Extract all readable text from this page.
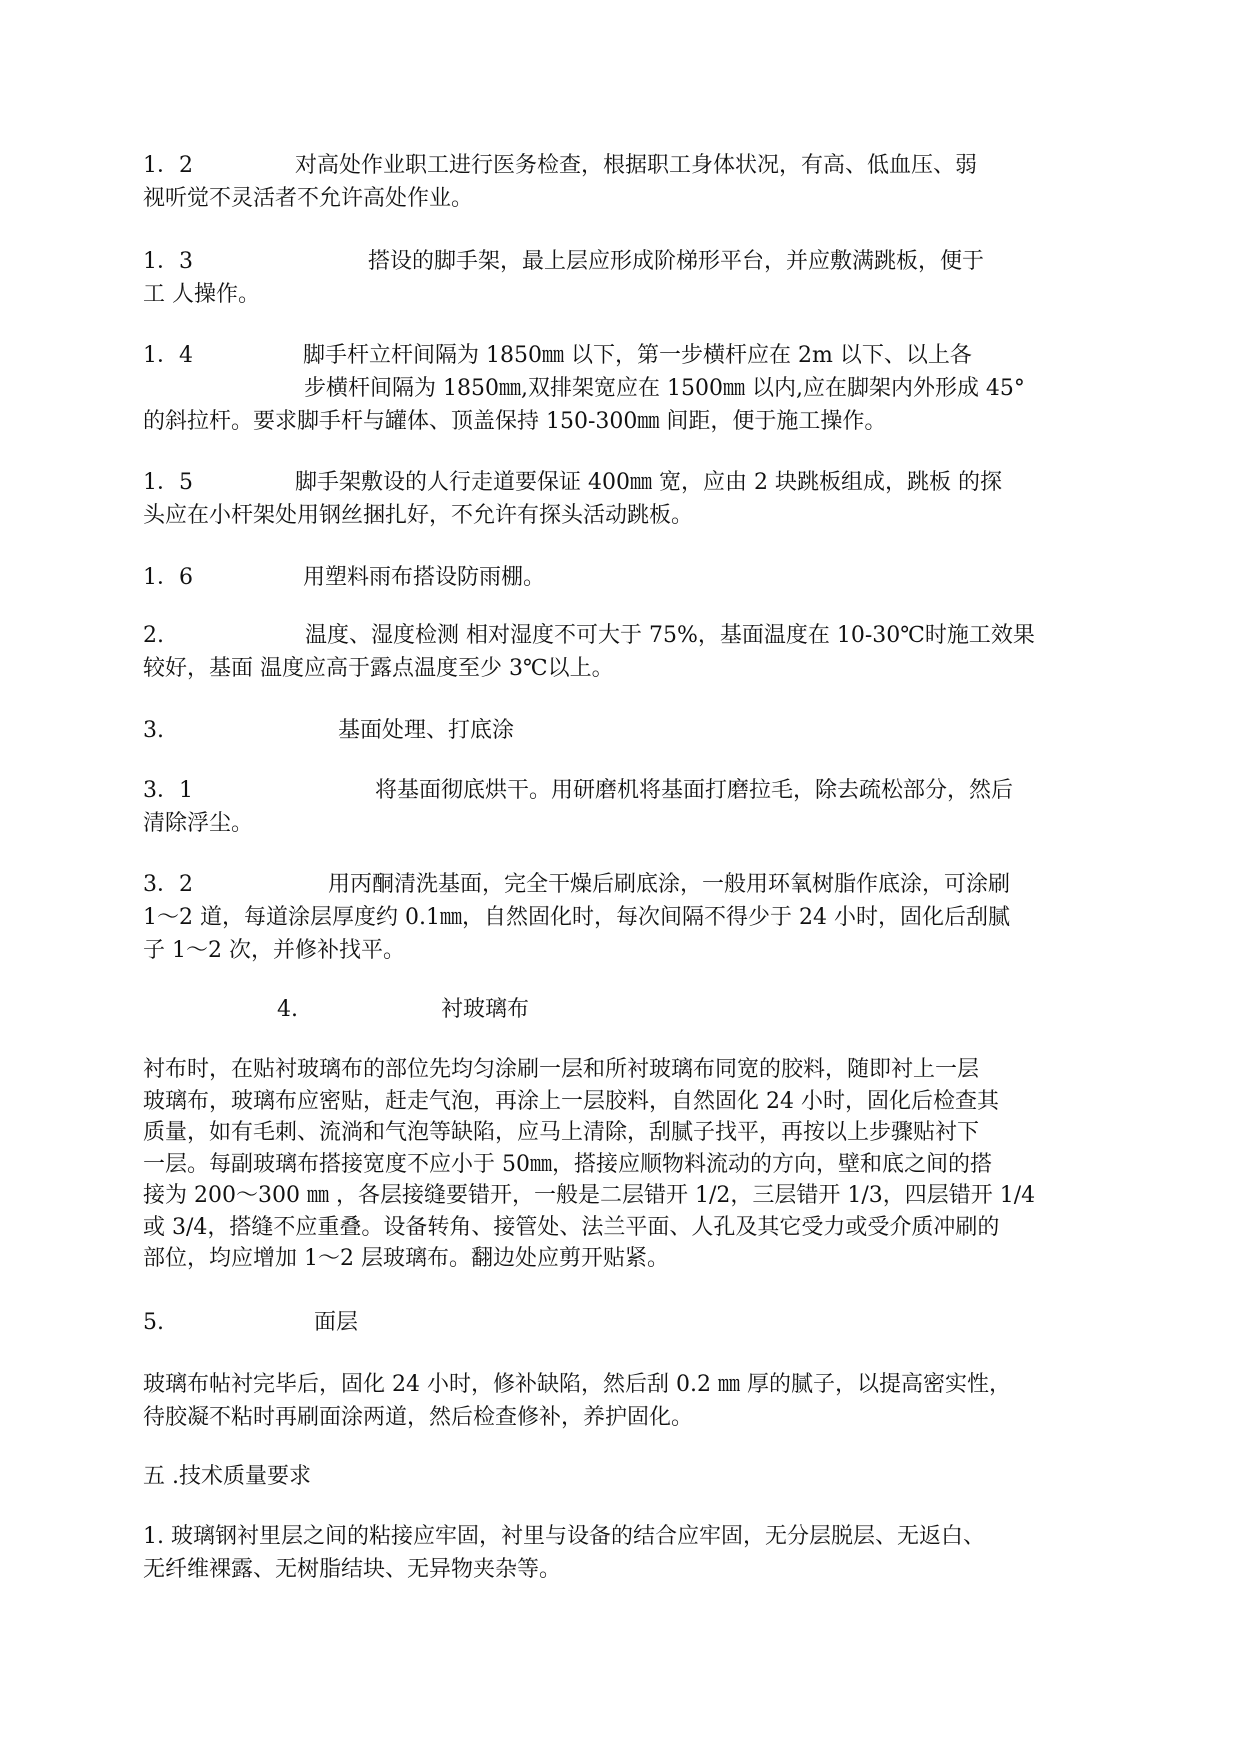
1．2	对高处作业职工进行医务检查，根据职工身体状况，有高、低血压、弱
视听觉不灵活者不允许高处作业。
1．3	搭设的脚手架，最上层应形成阶梯形平台，并应敷满跳板，便于
工 人操作。
1．4	脚手杆立杆间隔为 1850㎜ 以下，第一步横杆应在 2m 以下、以上各
步横杆间隔为 1850㎜,双排架宽应在 1500㎜ 以内,应在脚架内外形成 45°
的斜拉杆。要求脚手杆与罐体、顶盖保持 150-300㎜ 间距，便于施工操作。
1．5	脚手架敷设的人行走道要保证 400㎜ 宽，应由 2 块跳板组成，跳板 的探
头应在小杆架处用钢丝捆扎好，不允许有探头活动跳板。
1．6	用塑料雨布搭设防雨棚。
2.	温度、湿度检测 相对湿度不可大于 75%，基面温度在 10-30℃时施工效果
较好，基面 温度应高于露点温度至少 3℃以上。
3.	基面处理、打底涂
3．1	将基面彻底烘干。用研磨机将基面打磨拉毛，除去疏松部分，然后
清除浮尘。
3．2	用丙酮清洗基面，完全干燥后刷底涂，一般用环氧树脂作底涂，可涂刷
1～2 道，每道涂层厚度约 0.1㎜，自然固化时，每次间隔不得少于 24 小时，固化后刮腻
子 1～2 次，并修补找平。
4.	衬玻璃布
衬布时，在贴衬玻璃布的部位先均匀涂刷一层和所衬玻璃布同宽的胶料，随即衬上一层
玻璃布，玻璃布应密贴，赶走气泡，再涂上一层胶料，自然固化 24 小时，固化后检查其
质量，如有毛刺、流淌和气泡等缺陷，应马上清除，刮腻子找平，再按以上步骤贴衬下
一层。每副玻璃布搭接宽度不应小于 50㎜，搭接应顺物料流动的方向，壁和底之间的搭
接为 200～300 ㎜ ，各层接缝要错开，一般是二层错开 1/2，三层错开 1/3，四层错开 1/4
或 3/4，搭缝不应重叠。设备转角、接管处、法兰平面、人孔及其它受力或受介质冲刷的
部位，均应增加 1～2 层玻璃布。翻边处应剪开贴紧。
5.	面层
玻璃布帖衬完毕后，固化 24 小时，修补缺陷，然后刮 0.2 ㎜ 厚的腻子，以提高密实性，
待胶凝不粘时再刷面涂两道，然后检查修补，养护固化。
五 .技术质量要求
1. 玻璃钢衬里层之间的粘接应牢固，衬里与设备的结合应牢固，无分层脱层、无返白、
无纤维裸露、无树脂结块、无异物夹杂等。
